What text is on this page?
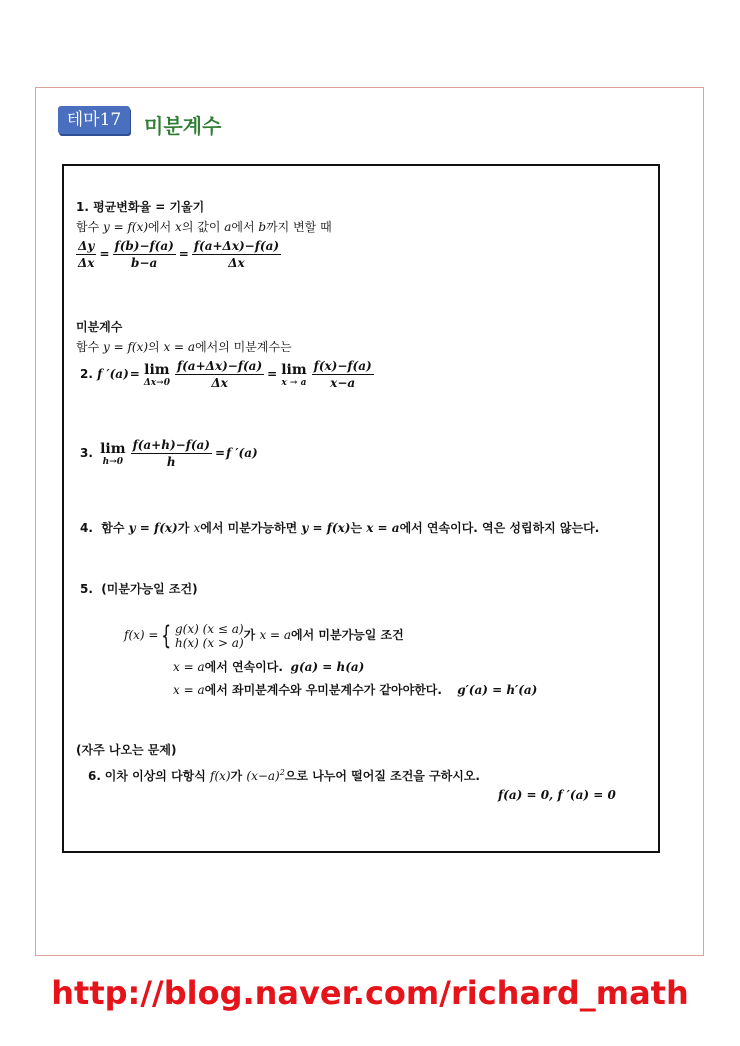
테마17	미분계수
1. 평균변화율 = 기울기
함수 y = f(x)에서 x의 값이 a에서 b까지 변할 때
$\frac{\Delta y}{\Delta x} = \frac{f(b)-f(a)}{b-a} = \frac{f(a+\Delta x)-f(a)}{\Delta x}$
미분계수
함수 y = f(x)의 x = a에서의 미분계수는
2. f ′(a)= lim
$\Delta x\to 0 \frac{f(a+\Delta x)-f(a)}{\Delta x} = \lim$
x → a $\frac{f(x)-f(a)}{x-a}$
3. lim
$h\to 0 \frac{f(a+h)-f(a)}{h} =f$ ′(a)
4. 함수 y = f(x)가 x에서 미분가능하면 y = f(x)는 x = a에서 연속이다. 역은 성립하지 않는다.
5. (미분가능일 조건)
f(x) = { g(x) (x ≤ a)
h(x) (x > a)
가 x = a에서 미분가능일 조건
x = a에서 연속이다. g(a) = h(a)
x = a에서 좌미분계수와 우미분계수가 같아야한다. g′(a) = h′(a)
(자주 나오는 문제)
6. 이차 이상의 다항식 f(x)가 $(x-a)^2$으로 나누어 떨어질 조건을 구하시오.
f(a) = 0, f ′(a) = 0
http://blog.naver.com/richard_math
